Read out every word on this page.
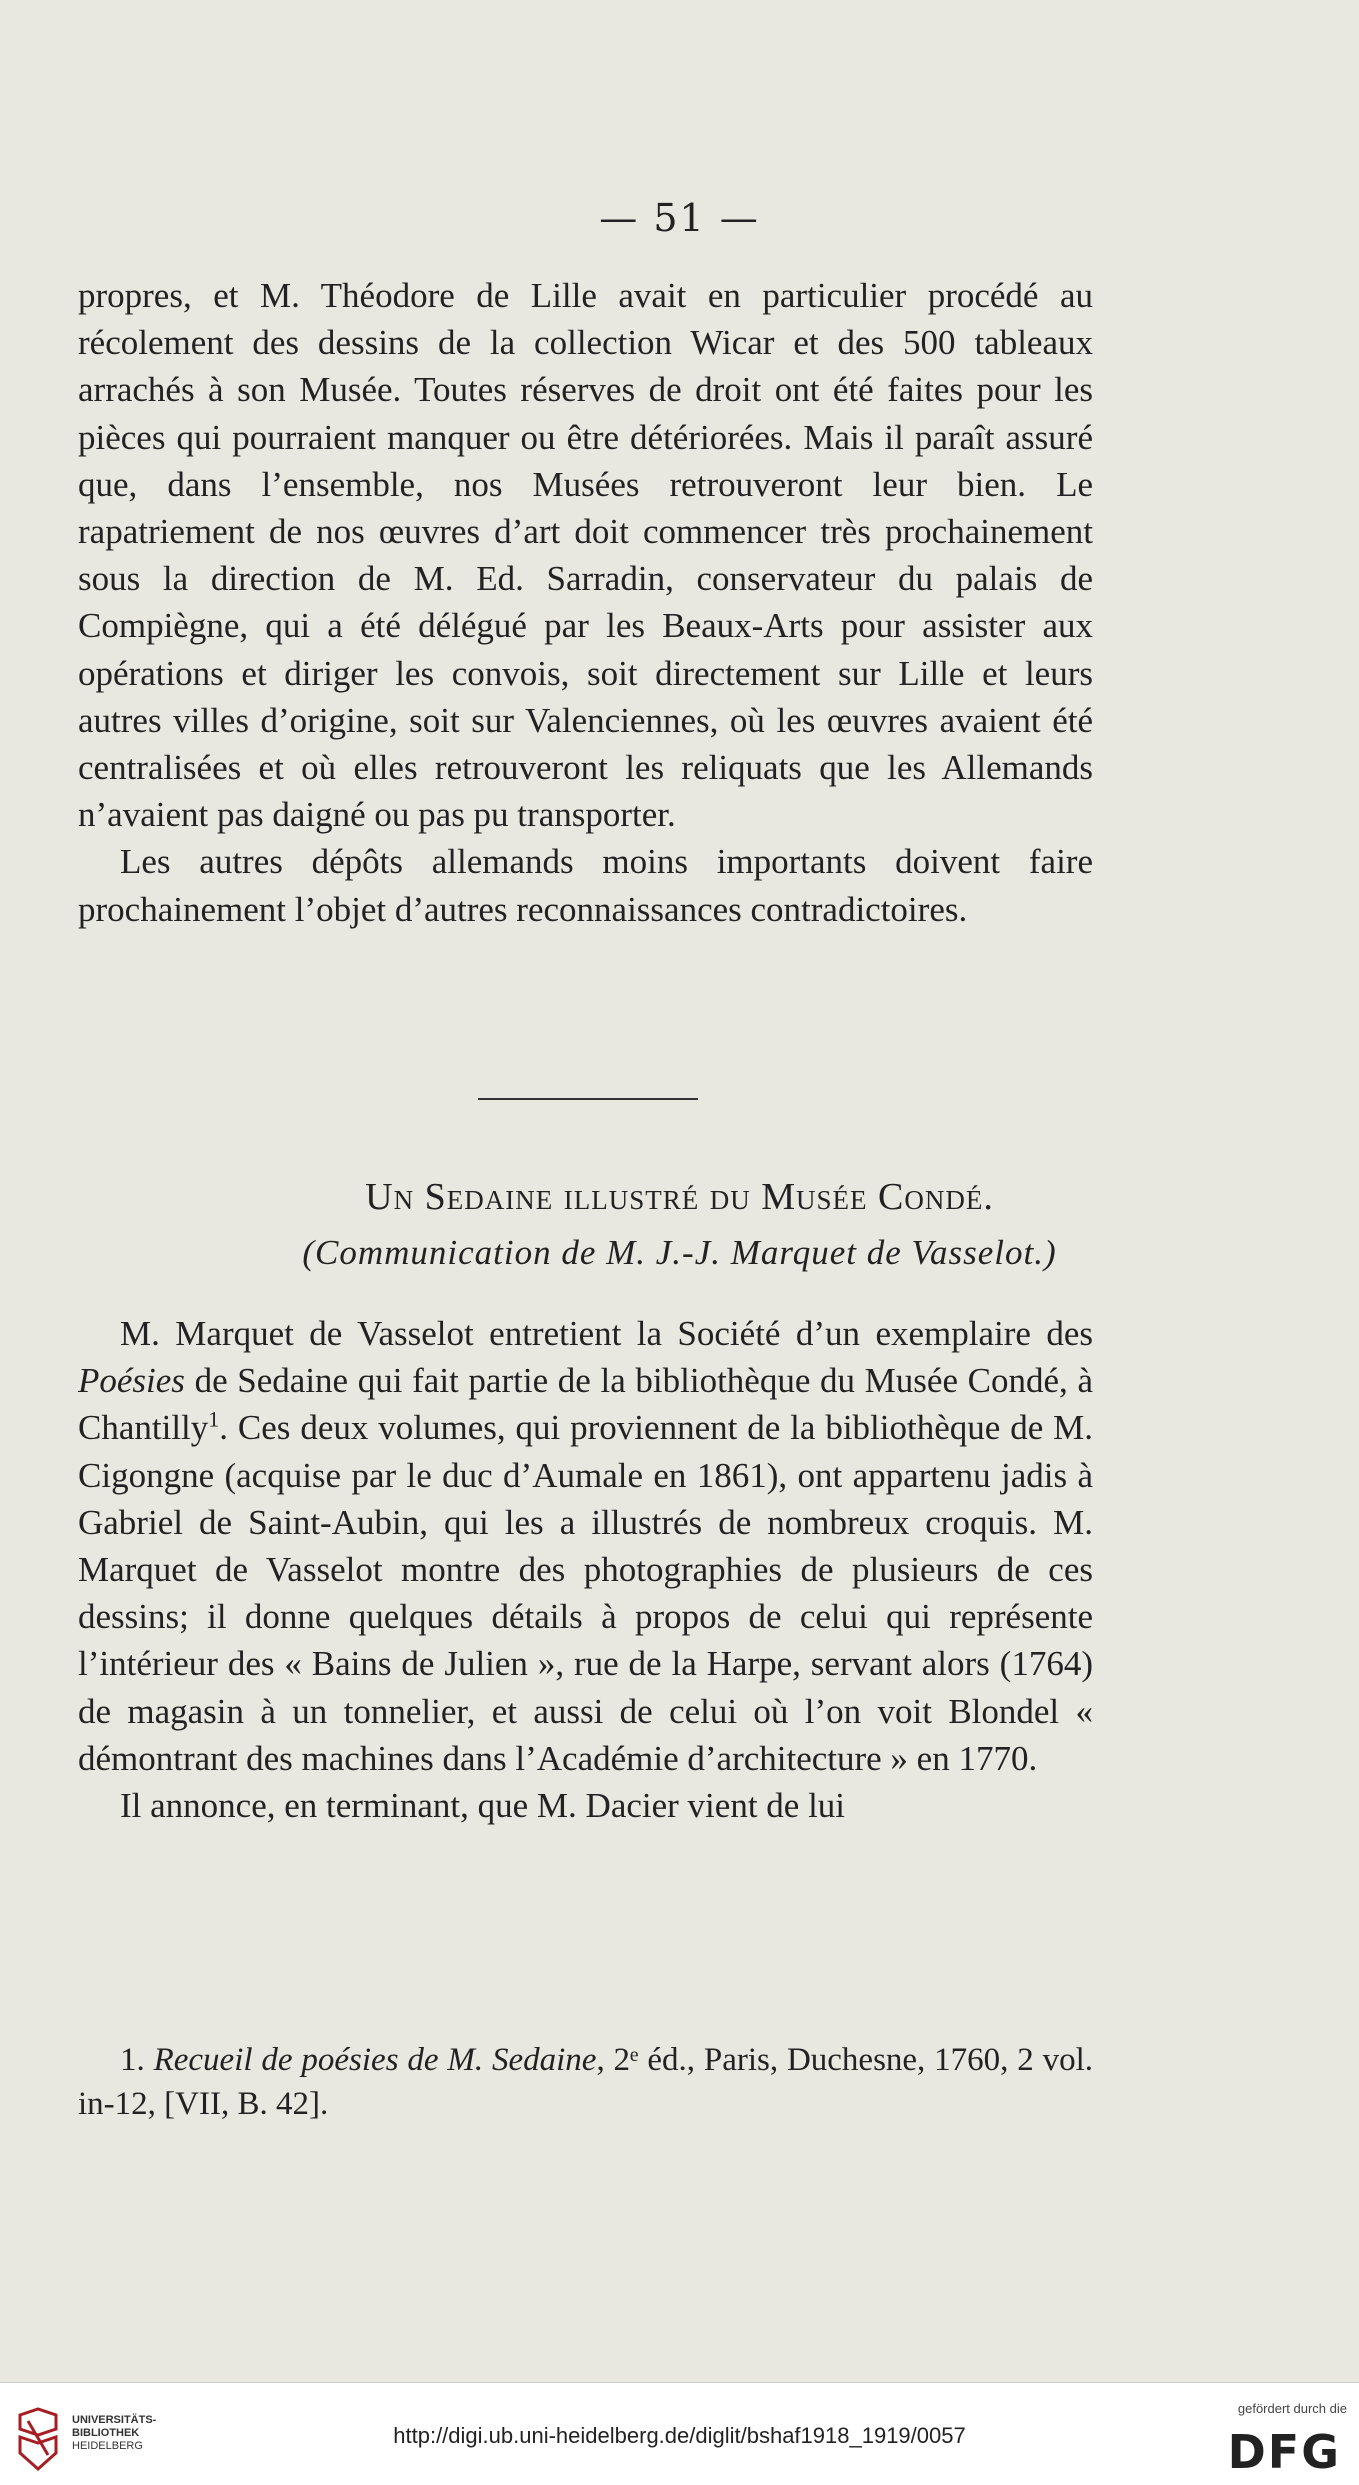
— 51 —

propres, et M. Théodore de Lille avait en particulier procédé au récolement des dessins de la collection Wicar et des 500 tableaux arrachés à son Musée. Toutes réserves de droit ont été faites pour les pièces qui pourraient manquer ou être détériorées. Mais il paraît assuré que, dans l’ensemble, nos Musées retrouveront leur bien. Le rapatriement de nos œuvres d’art doit commencer très prochainement sous la direction de M. Ed. Sarradin, conservateur du palais de Compiègne, qui a été délégué par les Beaux-Arts pour assister aux opérations et diriger les convois, soit directement sur Lille et leurs autres villes d’origine, soit sur Valenciennes, où les œuvres avaient été centralisées et où elles retrouveront les reliquats que les Allemands n’avaient pas daigné ou pas pu transporter.

Les autres dépôts allemands moins importants doivent faire prochainement l’objet d’autres reconnaissances contradictoires.

Un Sedaine illustré du Musée Condé.
(Communication de M. J.-J. Marquet de Vasselot.)

M. Marquet de Vasselot entretient la Société d’un exemplaire des Poésies de Sedaine qui fait partie de la bibliothèque du Musée Condé, à Chantilly$^1$. Ces deux volumes, qui proviennent de la bibliothèque de M. Cigongne (acquise par le duc d’Aumale en 1861), ont appartenu jadis à Gabriel de Saint-Aubin, qui les a illustrés de nombreux croquis. M. Marquet de Vasselot montre des photographies de plusieurs de ces dessins; il donne quelques détails à propos de celui qui représente l’intérieur des « Bains de Julien », rue de la Harpe, servant alors (1764) de magasin à un tonnelier, et aussi de celui où l’on voit Blondel « démontrant des machines dans l’Académie d’architecture » en 1770.

Il annonce, en terminant, que M. Dacier vient de lui

1. Recueil de poésies de M. Sedaine, 2ᵉ éd., Paris, Duchesne, 1760, 2 vol. in-12, [VII, B. 42].

UNIVERSITÄTS-
BIBLIOTHEK
HEIDELBERG	http://digi.ub.uni-heidelberg.de/diglit/bshaf1918_1919/0057
gefördert durch die
DFG
